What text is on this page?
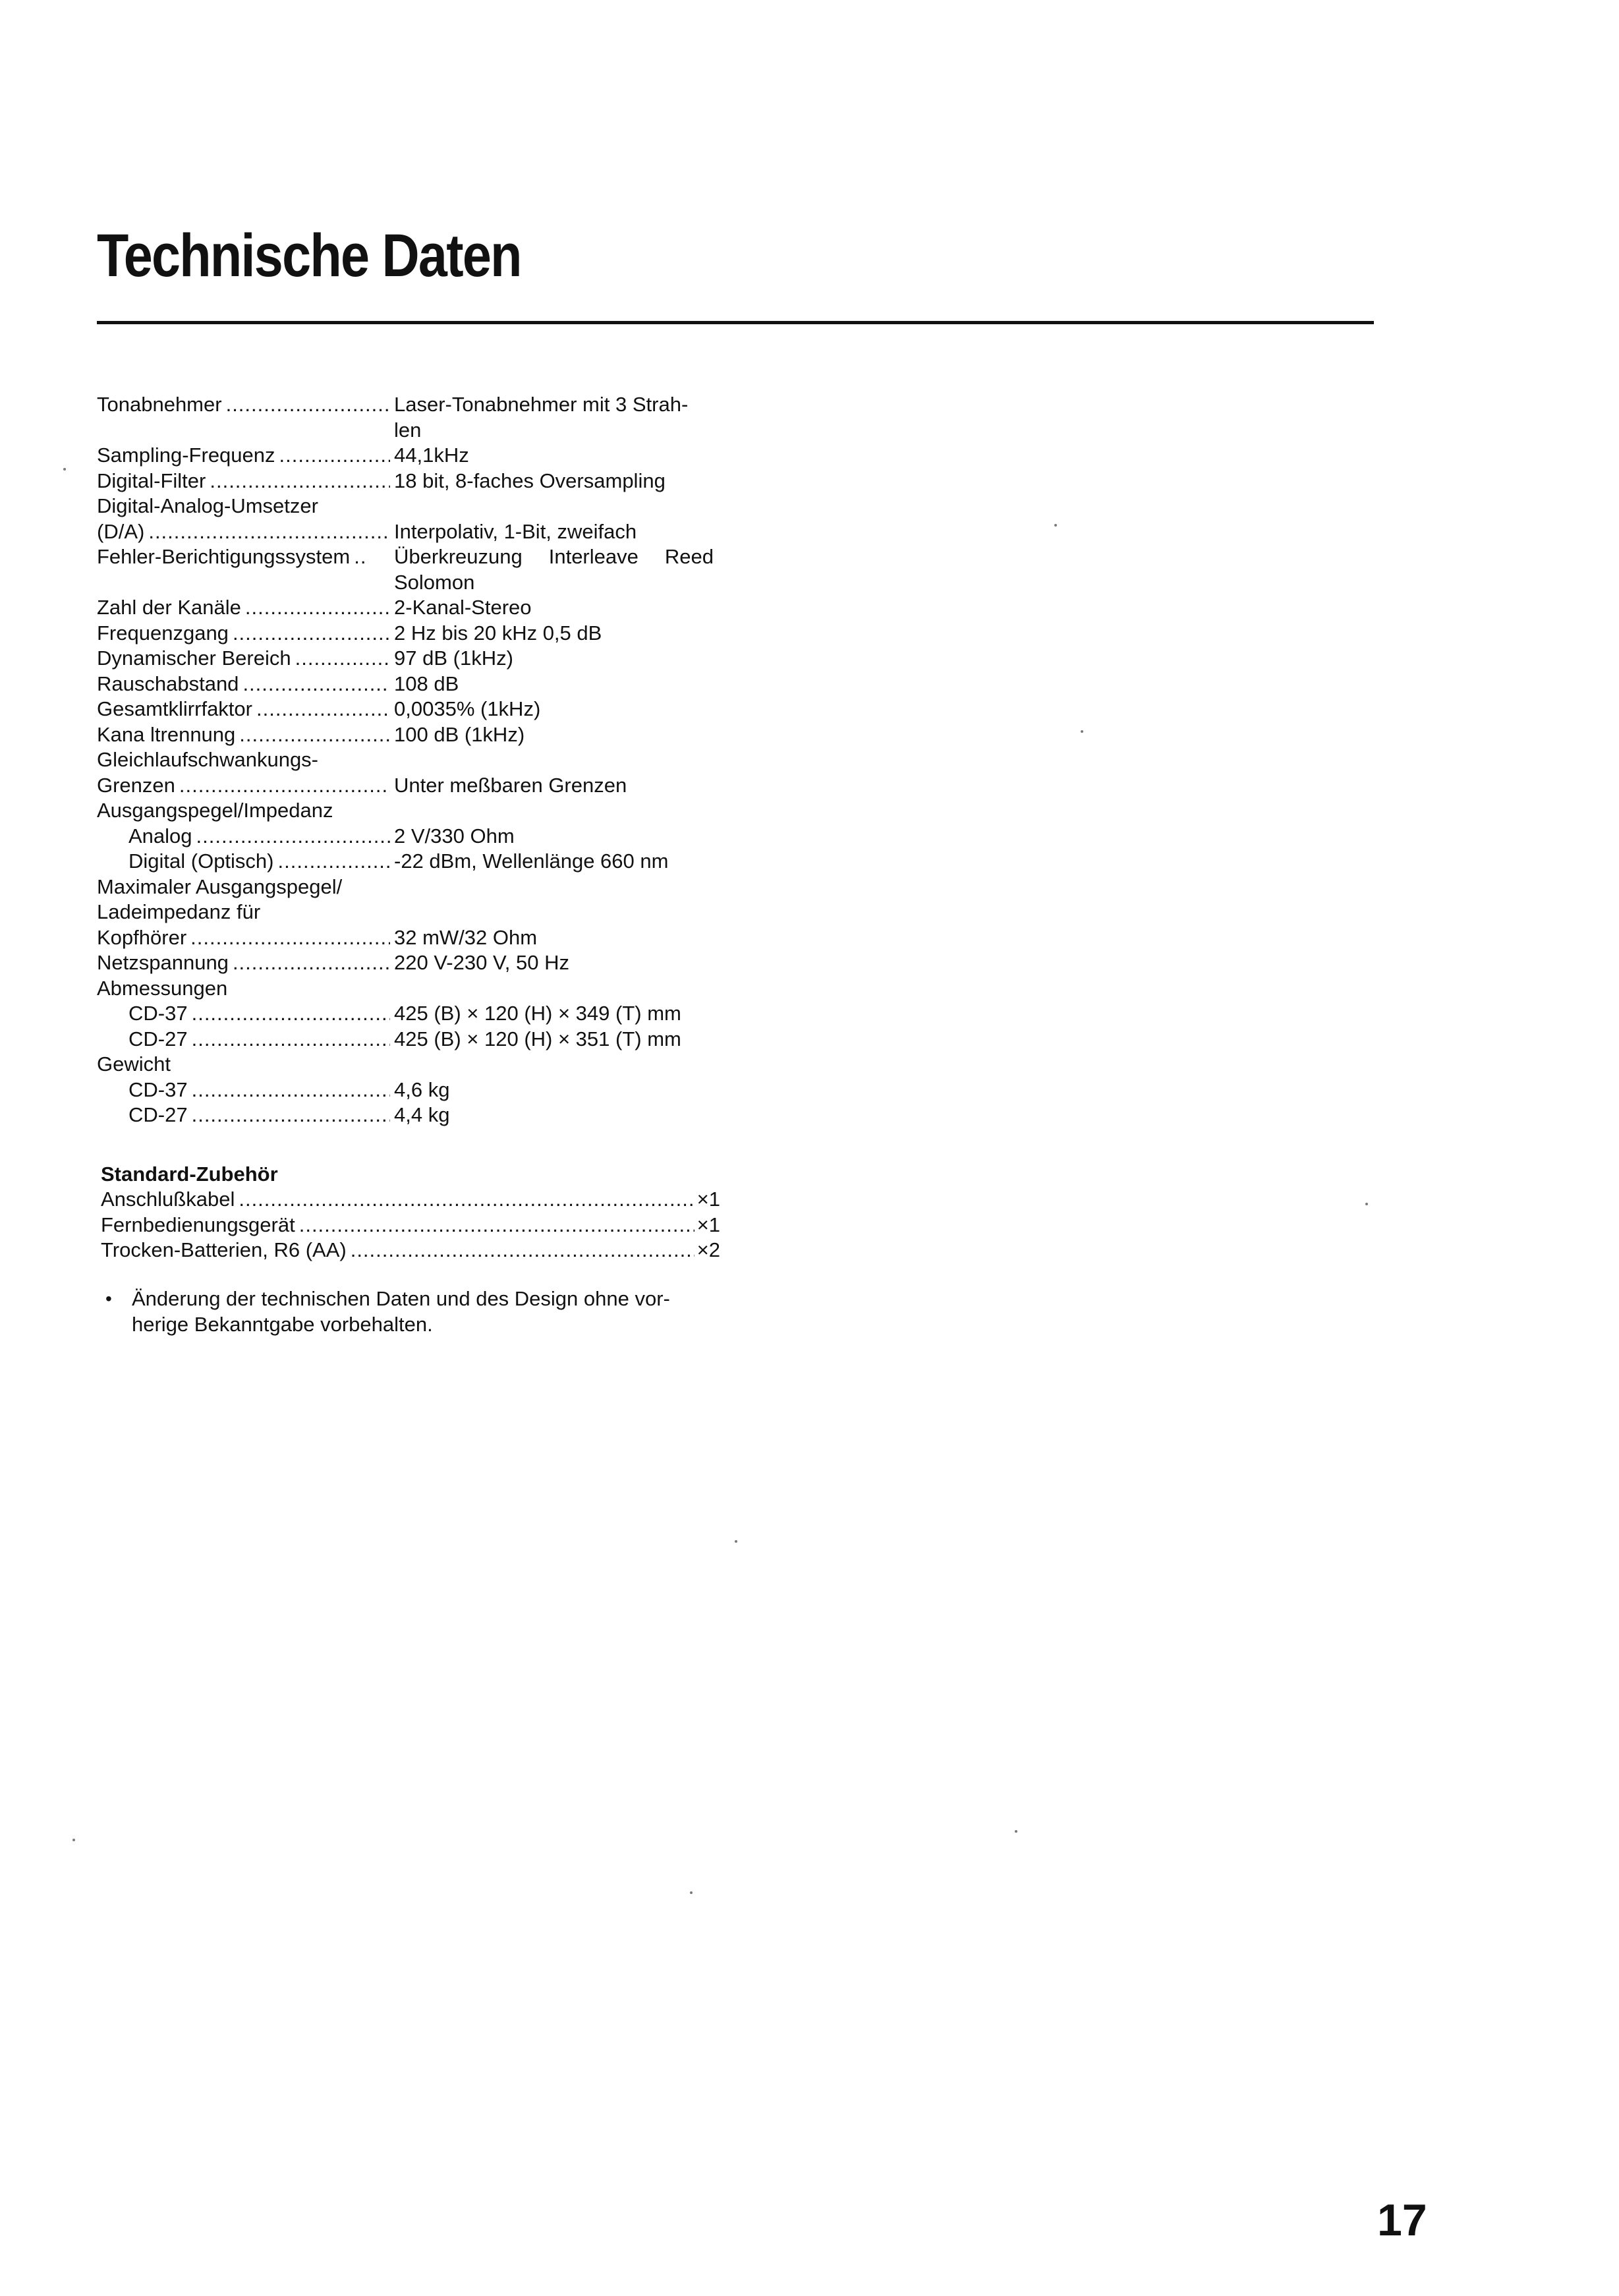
Technische Daten
Tonabnehmer .....	Laser-Tonabnehmer mit 3 Strah-len
Sampling-Frequenz .....	44,1kHz
Digital-Filter .....	18 bit, 8-faches Oversampling
Digital-Analog-Umsetzer
(D/A) .....	Interpolativ, 1-Bit, zweifach
Fehler-Berichtigungssystem ..... Überkreuzung Interleave Reed Solomon
Zahl der Kanäle .....	2-Kanal-Stereo
Frequenzgang .....	2 Hz bis 20 kHz 0,5 dB
Dynamischer Bereich .....	97 dB (1kHz)
Rauschabstand .....	108 dB
Gesamtklirrfaktor .....	0,0035% (1kHz)
Kana ltrennung .....	100 dB (1kHz)
Gleichlaufschwankungs-
Grenzen .....	Unter meßbaren Grenzen
Ausgangspegel/Impedanz
Analog .....	2 V/330 Ohm
Digital (Optisch) .....	-22 dBm, Wellenlänge 660 nm
Maximaler Ausgangspegel/
Ladeimpedanz für
Kopfhörer .....	32 mW/32 Ohm
Netzspannung .....	220 V-230 V, 50 Hz
Abmessungen
CD-37 .....	425 (B) × 120 (H) × 349 (T) mm
CD-27 .....	425 (B) × 120 (H) × 351 (T) mm
Gewicht
CD-37 .....	4,6 kg
CD-27 .....	4,4 kg
Standard-Zubehör
Anschlußkabel .....	×1
Fernbedienungsgerät .....	×1
Trocken-Batterien, R6 (AA) .....	×2
• Änderung der technischen Daten und des Design ohne vor-herige Bekanntgabe vorbehalten.
17
